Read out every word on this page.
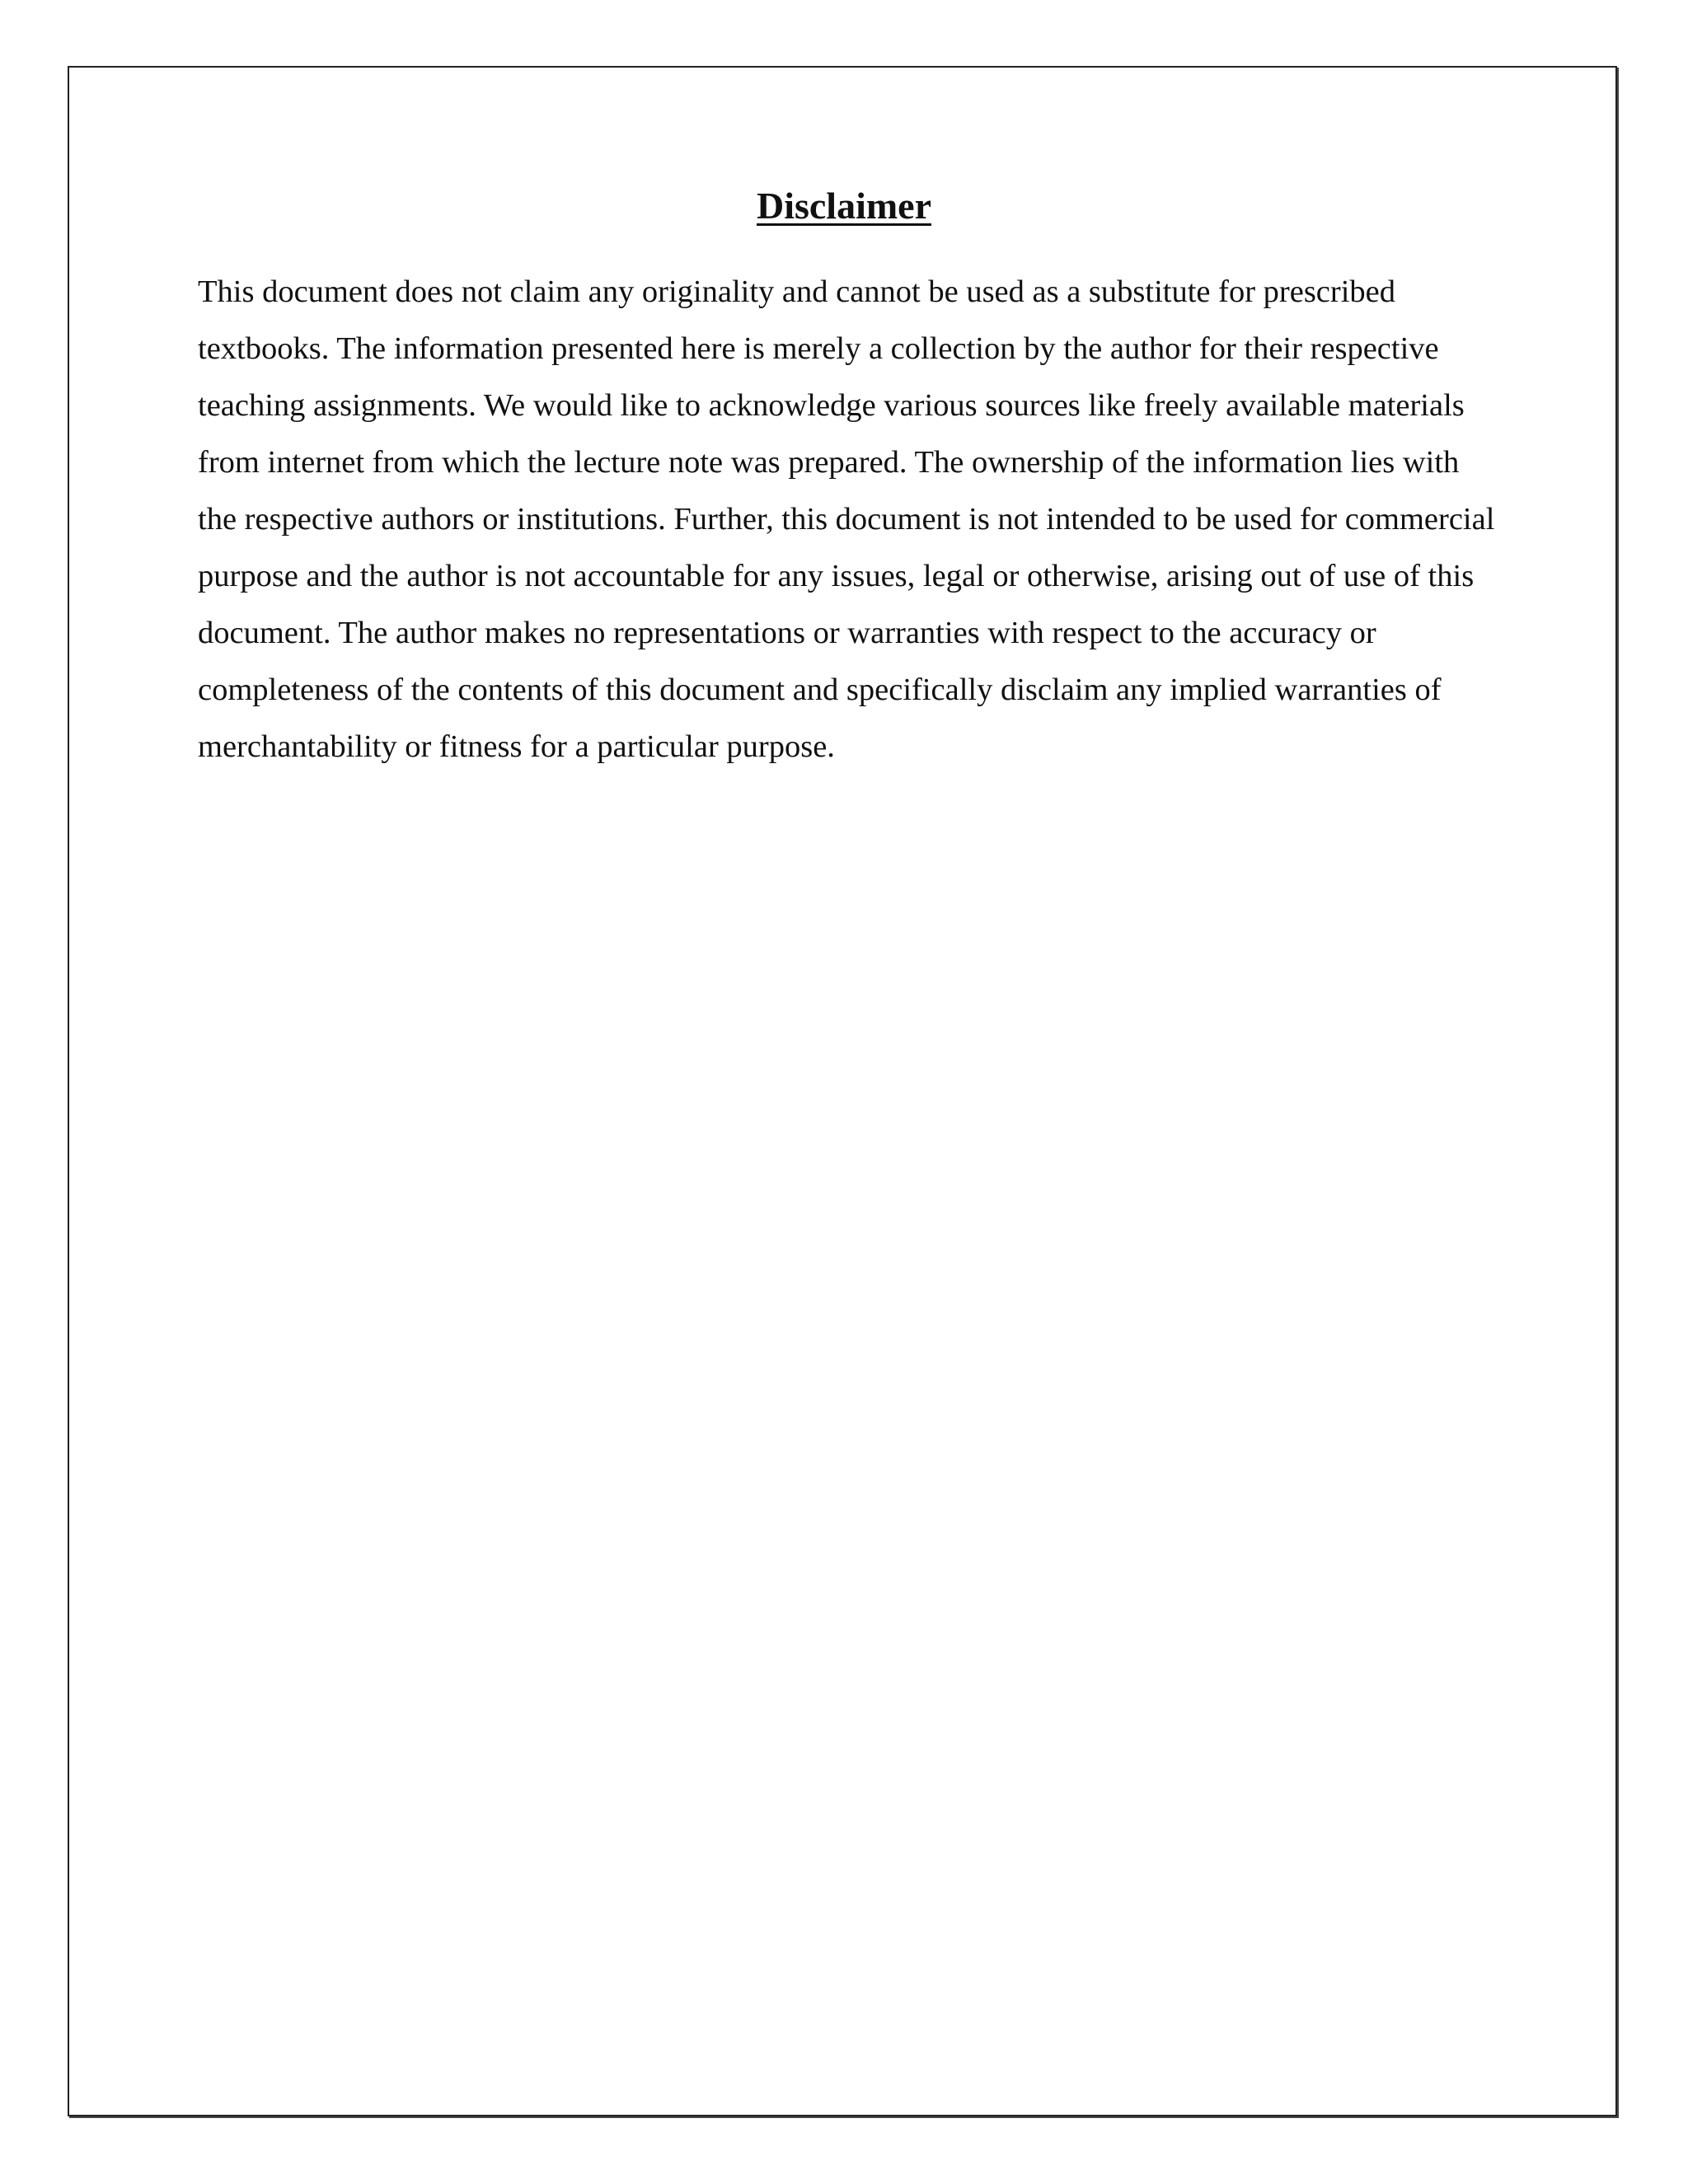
Disclaimer

This document does not claim any originality and cannot be used as a substitute for prescribed textbooks. The information presented here is merely a collection by the author for their respective teaching assignments. We would like to acknowledge various sources like freely available materials from internet from which the lecture note was prepared. The ownership of the information lies with the respective authors or institutions. Further, this document is not intended to be used for commercial purpose and the author is not accountable for any issues, legal or otherwise, arising out of use of this document. The author makes no representations or warranties with respect to the accuracy or completeness of the contents of this document and specifically disclaim any implied warranties of merchantability or fitness for a particular purpose.
